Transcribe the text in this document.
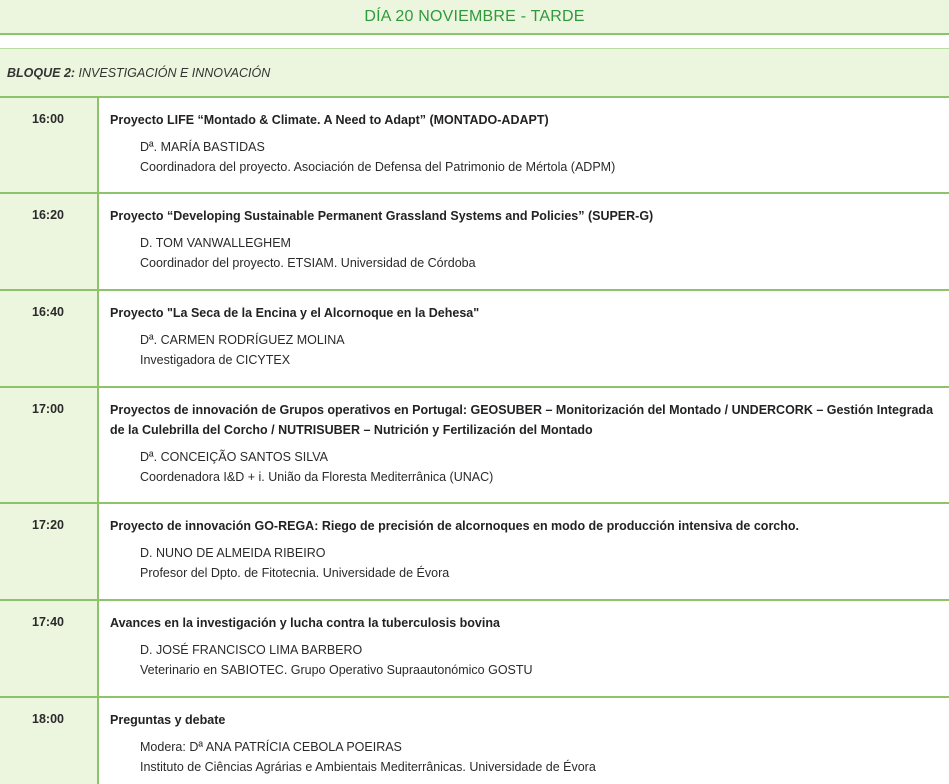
DÍA 20 NOVIEMBRE - TARDE
BLOQUE 2: INVESTIGACIÓN E INNOVACIÓN
16:00	Proyecto LIFE “Montado & Climate. A Need to Adapt” (MONTADO-ADAPT)
Dª. MARÍA BASTIDAS
Coordinadora del proyecto. Asociación de Defensa del Patrimonio de Mértola (ADPM)
16:20	Proyecto “Developing Sustainable Permanent Grassland Systems and Policies” (SUPER-G)
D. TOM VANWALLEGHEM
Coordinador del proyecto. ETSIAM. Universidad de Córdoba
16:40	Proyecto "La Seca de la Encina y el Alcornoque en la Dehesa"
Dª. CARMEN RODRÍGUEZ MOLINA
Investigadora de CICYTEX
17:00	Proyectos de innovación de Grupos operativos en Portugal: GEOSUBER – Monitorización del Montado / UNDERCORK – Gestión Integrada de la Culebrilla del Corcho / NUTRISUBER – Nutrición y Fertilización del Montado
Dª. CONCEIÇÃO SANTOS SILVA
Coordenadora I&D + i. União da Floresta Mediterrânica (UNAC)
17:20	Proyecto de innovación GO-REGA: Riego de precisión de alcornoques en modo de producción intensiva de corcho.
D. NUNO DE ALMEIDA RIBEIRO
Profesor del Dpto. de Fitotecnia. Universidade de Évora
17:40	Avances en la investigación y lucha contra la tuberculosis bovina
D. JOSÉ FRANCISCO LIMA BARBERO
Veterinario en SABIOTEC. Grupo Operativo Supraautonómico GOSTU
18:00	Preguntas y debate
Modera: Dª ANA PATRÍCIA CEBOLA POEIRAS
Instituto de Ciências Agrárias e Ambientais Mediterrânicas. Universidade de Évora
